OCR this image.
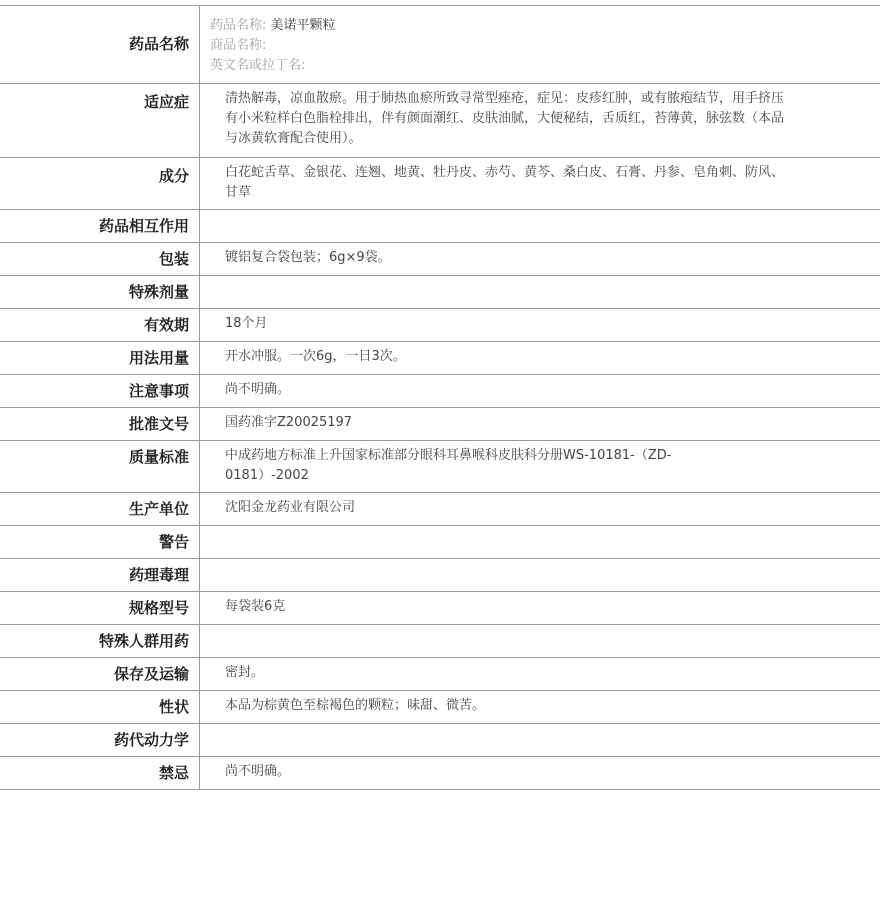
药品名称
药品名称: 美诺平颗粒
商品名称:
英文名或拉丁名:
适应症	清热解毒，凉血散瘀。用于肺热血瘀所致寻常型痤疮，症见：皮疹红肿，或有脓疱结节，用手挤压有小米粒样白色脂栓排出，伴有颜面潮红、皮肤油腻，大便秘结，舌质红，苔薄黄，脉弦数（本品与冰黄软膏配合使用）。
成分	白花蛇舌草、金银花、连翘、地黄、牡丹皮、赤芍、黄芩、桑白皮、石膏、丹参、皂角刺、防风、甘草
药品相互作用
包装	镀铝复合袋包装；6g×9袋。
特殊剂量
有效期	18个月
用法用量	开水冲服。一次6g，一日3次。
注意事项	尚不明确。
批准文号	国药准字Z20025197
质量标准	中成药地方标准上升国家标准部分眼科耳鼻喉科皮肤科分册WS-10181-（ZD-0181）-2002
生产单位	沈阳金龙药业有限公司
警告
药理毒理
规格型号	每袋装6克
特殊人群用药
保存及运输	密封。
性状	本品为棕黄色至棕褐色的颗粒；味甜、微苦。
药代动力学
禁忌	尚不明确。
